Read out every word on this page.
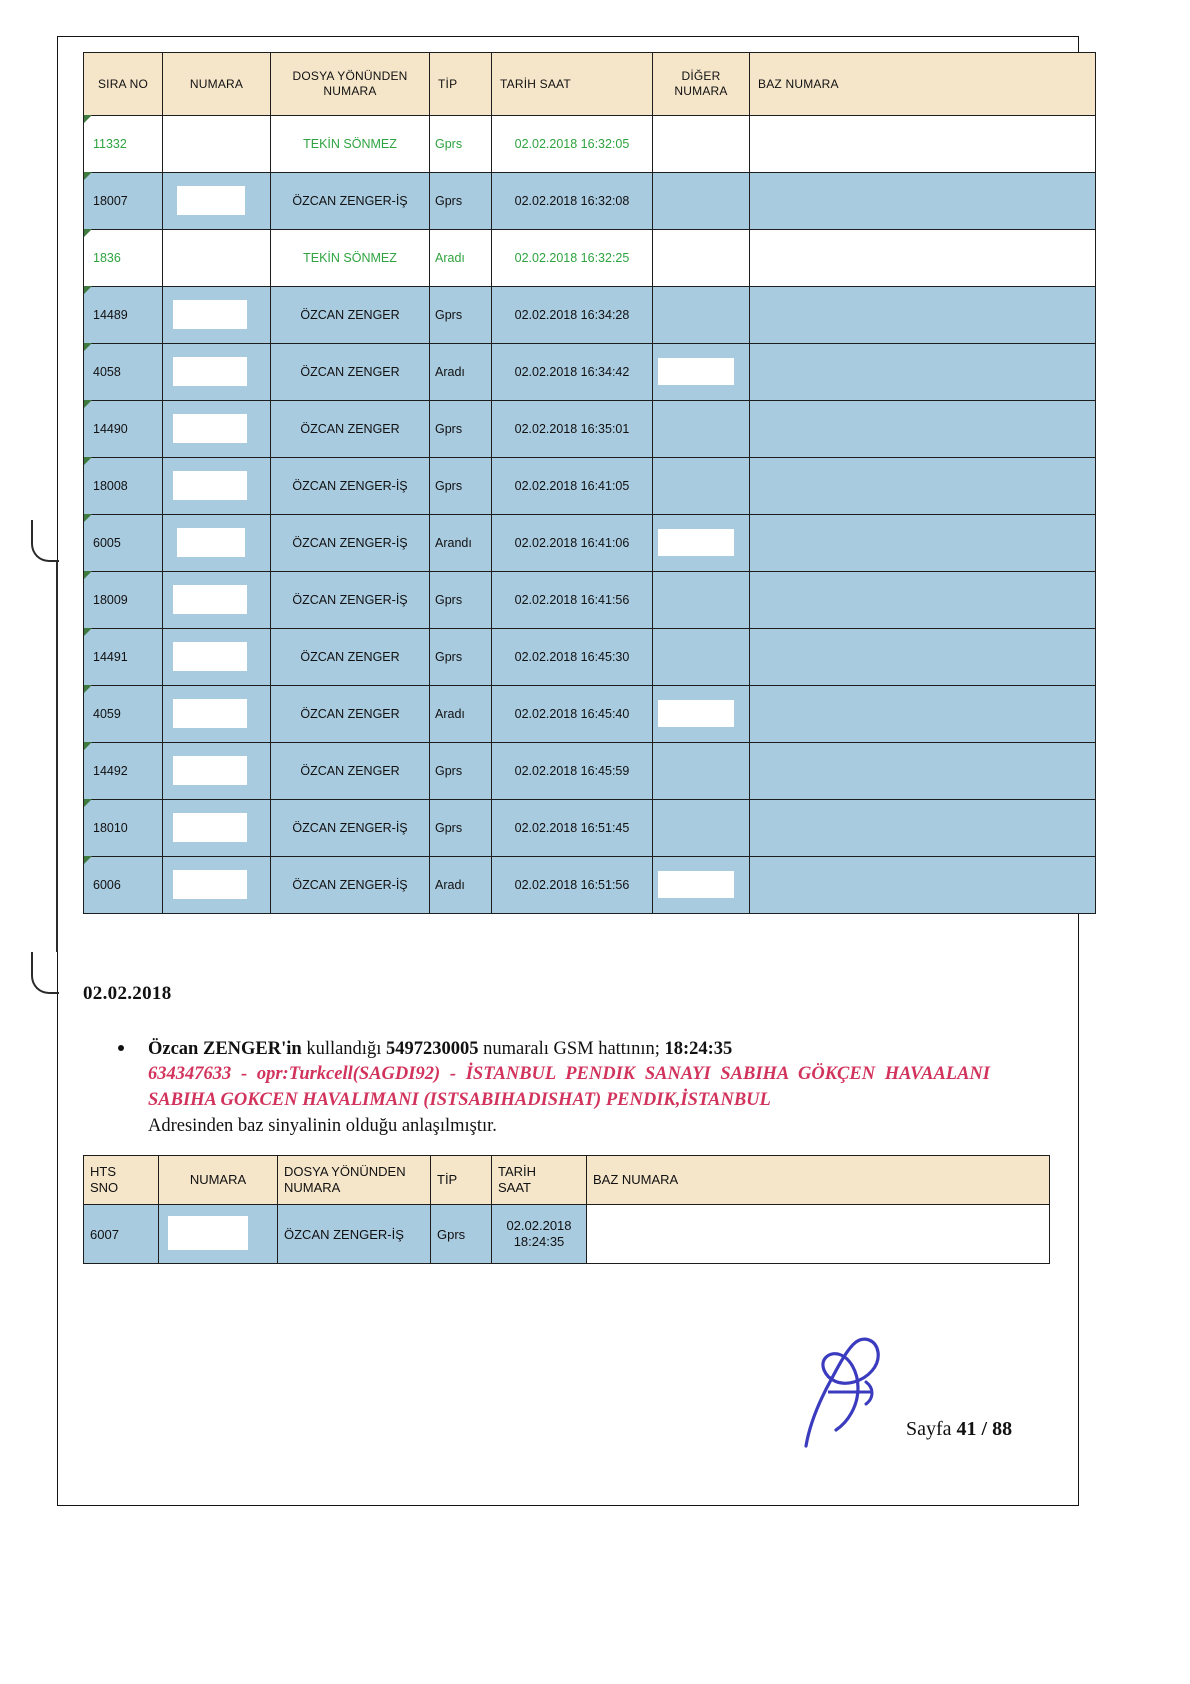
SIRA NO	NUMARA	DOSYA YÖNÜNDEN
NUMARA	TİP	TARİH SAAT	DİĞER
NUMARA	BAZ NUMARA
11332		TEKİN SÖNMEZ	Gprs	02.02.2018 16:32:05		
18007		ÖZCAN ZENGER-İŞ	Gprs	02.02.2018 16:32:08		
1836		TEKİN SÖNMEZ	Aradı	02.02.2018 16:32:25		
14489		ÖZCAN ZENGER	Gprs	02.02.2018 16:34:28		
4058		ÖZCAN ZENGER	Aradı	02.02.2018 16:34:42	

14490		ÖZCAN ZENGER	Gprs	02.02.2018 16:35:01		
18008		ÖZCAN ZENGER-İŞ	Gprs	02.02.2018 16:41:05		
6005		ÖZCAN ZENGER-İŞ	Arandı	02.02.2018 16:41:06	

18009		ÖZCAN ZENGER-İŞ	Gprs	02.02.2018 16:41:56		
14491		ÖZCAN ZENGER	Gprs	02.02.2018 16:45:30		
4059		ÖZCAN ZENGER	Aradı	02.02.2018 16:45:40	

14492		ÖZCAN ZENGER	Gprs	02.02.2018 16:45:59		
18010		ÖZCAN ZENGER-İŞ	Gprs	02.02.2018 16:51:45		
6006		ÖZCAN ZENGER-İŞ	Aradı	02.02.2018 16:51:56	

02.02.2018
Özcan ZENGER'in kullandığı 5497230005 numaralı GSM hattının; 18:24:35
634347633 - opr:Turkcell(SAGDI92) - İSTANBUL PENDIK SANAYI SABIHA GÖKÇEN HAVAALANI SABIHA GOKCEN HAVALIMANI (ISTSABIHADISHAT) PENDIK,İSTANBUL
Adresinden baz sinyalinin olduğu anlaşılmıştır.
HTS
SNO	NUMARA	DOSYA YÖNÜNDEN
NUMARA	TİP	TARİH
SAAT	BAZ NUMARA
6007		ÖZCAN ZENGER-İŞ	Gprs	02.02.2018
18:24:35	
Sayfa 41 / 88
